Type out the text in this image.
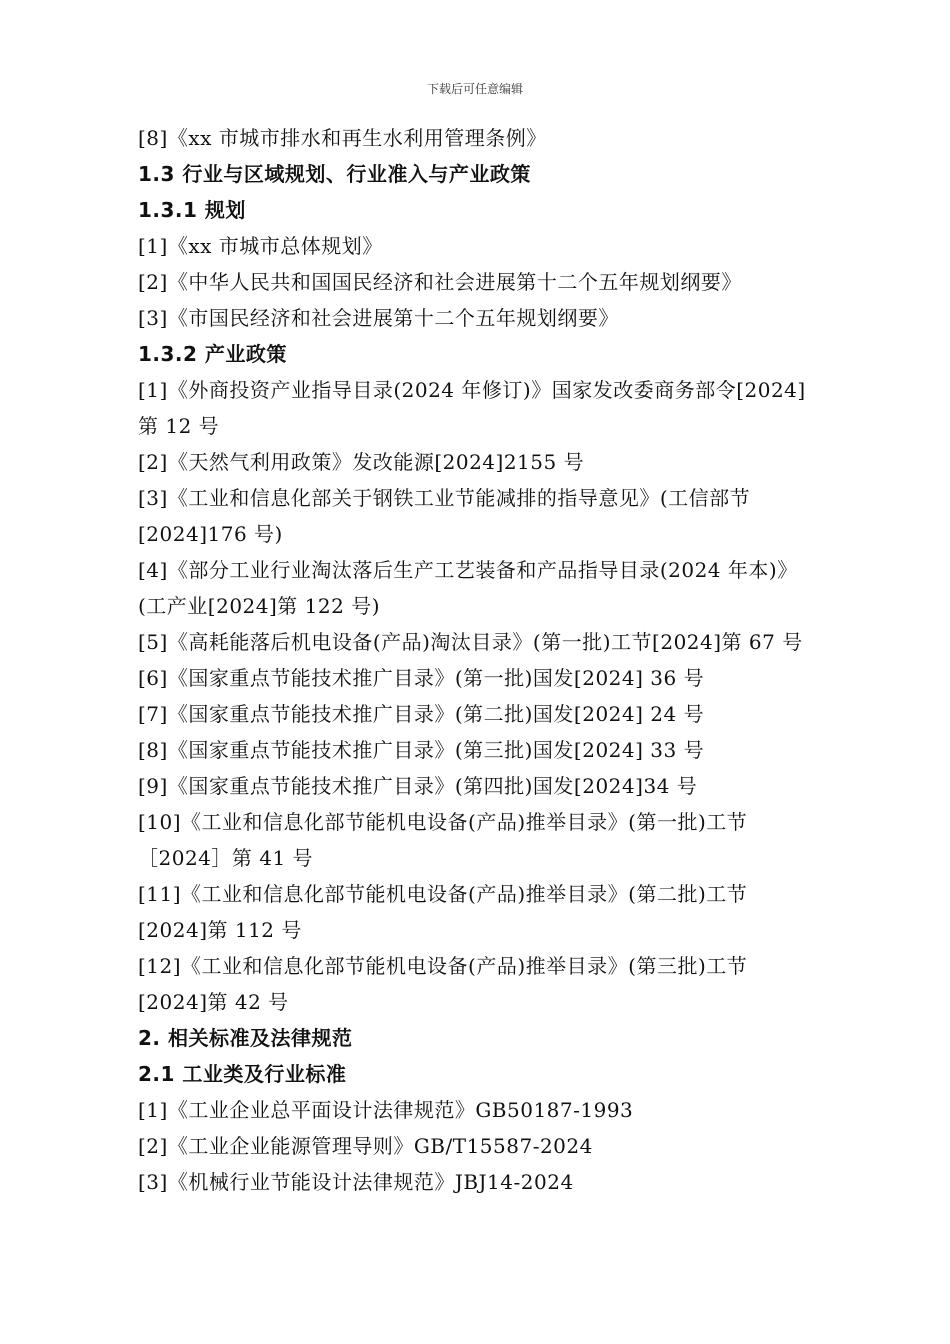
下载后可任意编辑
[8]《xx 市城市排水和再生水利用管理条例》
1.3 行业与区域规划、行业准入与产业政策
1.3.1 规划
[1]《xx 市城市总体规划》
[2]《中华人民共和国国民经济和社会进展第十二个五年规划纲要》
[3]《市国民经济和社会进展第十二个五年规划纲要》
1.3.2 产业政策
[1]《外商投资产业指导目录(2024 年修订)》国家发改委商务部令[2024]
第 12 号
[2]《天然气利用政策》发改能源[2024]2155 号
[3]《工业和信息化部关于钢铁工业节能减排的指导意见》(工信部节
[2024]176 号)
[4]《部分工业行业淘汰落后生产工艺装备和产品指导目录(2024 年本)》
(工产业[2024]第 122 号)
[5]《高耗能落后机电设备(产品)淘汰目录》(第一批)工节[2024]第 67 号
[6]《国家重点节能技术推广目录》(第一批)国发[2024] 36 号
[7]《国家重点节能技术推广目录》(第二批)国发[2024] 24 号
[8]《国家重点节能技术推广目录》(第三批)国发[2024] 33 号
[9]《国家重点节能技术推广目录》(第四批)国发[2024]34 号
[10]《工业和信息化部节能机电设备(产品)推举目录》(第一批)工节
［2024］第 41 号
[11]《工业和信息化部节能机电设备(产品)推举目录》(第二批)工节
[2024]第 112 号
[12]《工业和信息化部节能机电设备(产品)推举目录》(第三批)工节
[2024]第 42 号
2. 相关标准及法律规范
2.1 工业类及行业标准
[1]《工业企业总平面设计法律规范》GB50187-1993
[2]《工业企业能源管理导则》GB/T15587-2024
[3]《机械行业节能设计法律规范》JBJ14-2024
